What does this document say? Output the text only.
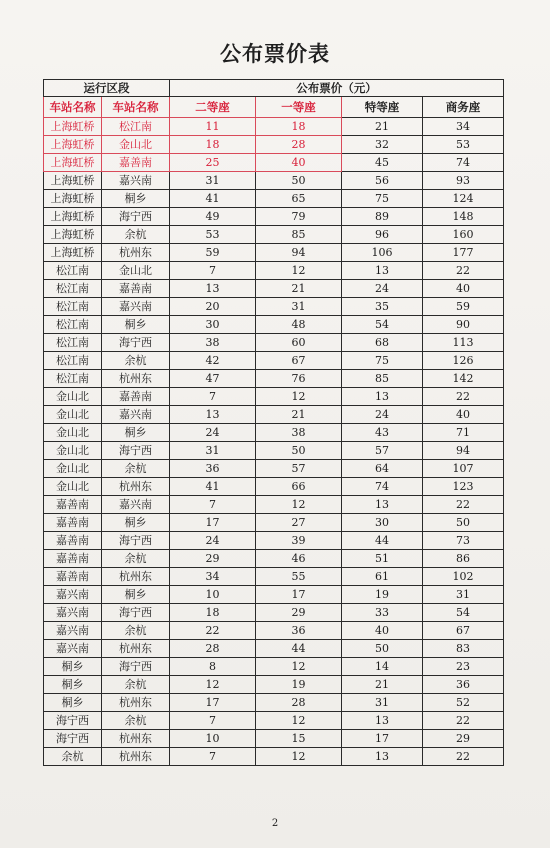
公布票价表
运行区段		公布票价（元）			
车站名称	车站名称	二等座	一等座	特等座	商务座
上海虹桥	松江南	11	18	21	34
上海虹桥	金山北	18	28	32	53
上海虹桥	嘉善南	25	40	45	74
上海虹桥	嘉兴南	31	50	56	93
上海虹桥	桐乡	41	65	75	124
上海虹桥	海宁西	49	79	89	148
上海虹桥	余杭	53	85	96	160
上海虹桥	杭州东	59	94	106	177
松江南	金山北	7	12	13	22
松江南	嘉善南	13	21	24	40
松江南	嘉兴南	20	31	35	59
松江南	桐乡	30	48	54	90
松江南	海宁西	38	60	68	113
松江南	余杭	42	67	75	126
松江南	杭州东	47	76	85	142
金山北	嘉善南	7	12	13	22
金山北	嘉兴南	13	21	24	40
金山北	桐乡	24	38	43	71
金山北	海宁西	31	50	57	94
金山北	余杭	36	57	64	107
金山北	杭州东	41	66	74	123
嘉善南	嘉兴南	7	12	13	22
嘉善南	桐乡	17	27	30	50
嘉善南	海宁西	24	39	44	73
嘉善南	余杭	29	46	51	86
嘉善南	杭州东	34	55	61	102
嘉兴南	桐乡	10	17	19	31
嘉兴南	海宁西	18	29	33	54
嘉兴南	余杭	22	36	40	67
嘉兴南	杭州东	28	44	50	83
桐乡	海宁西	8	12	14	23
桐乡	余杭	12	19	21	36
桐乡	杭州东	17	28	31	52
海宁西	余杭	7	12	13	22
海宁西	杭州东	10	15	17	29
余杭	杭州东	7	12	13	22
2
